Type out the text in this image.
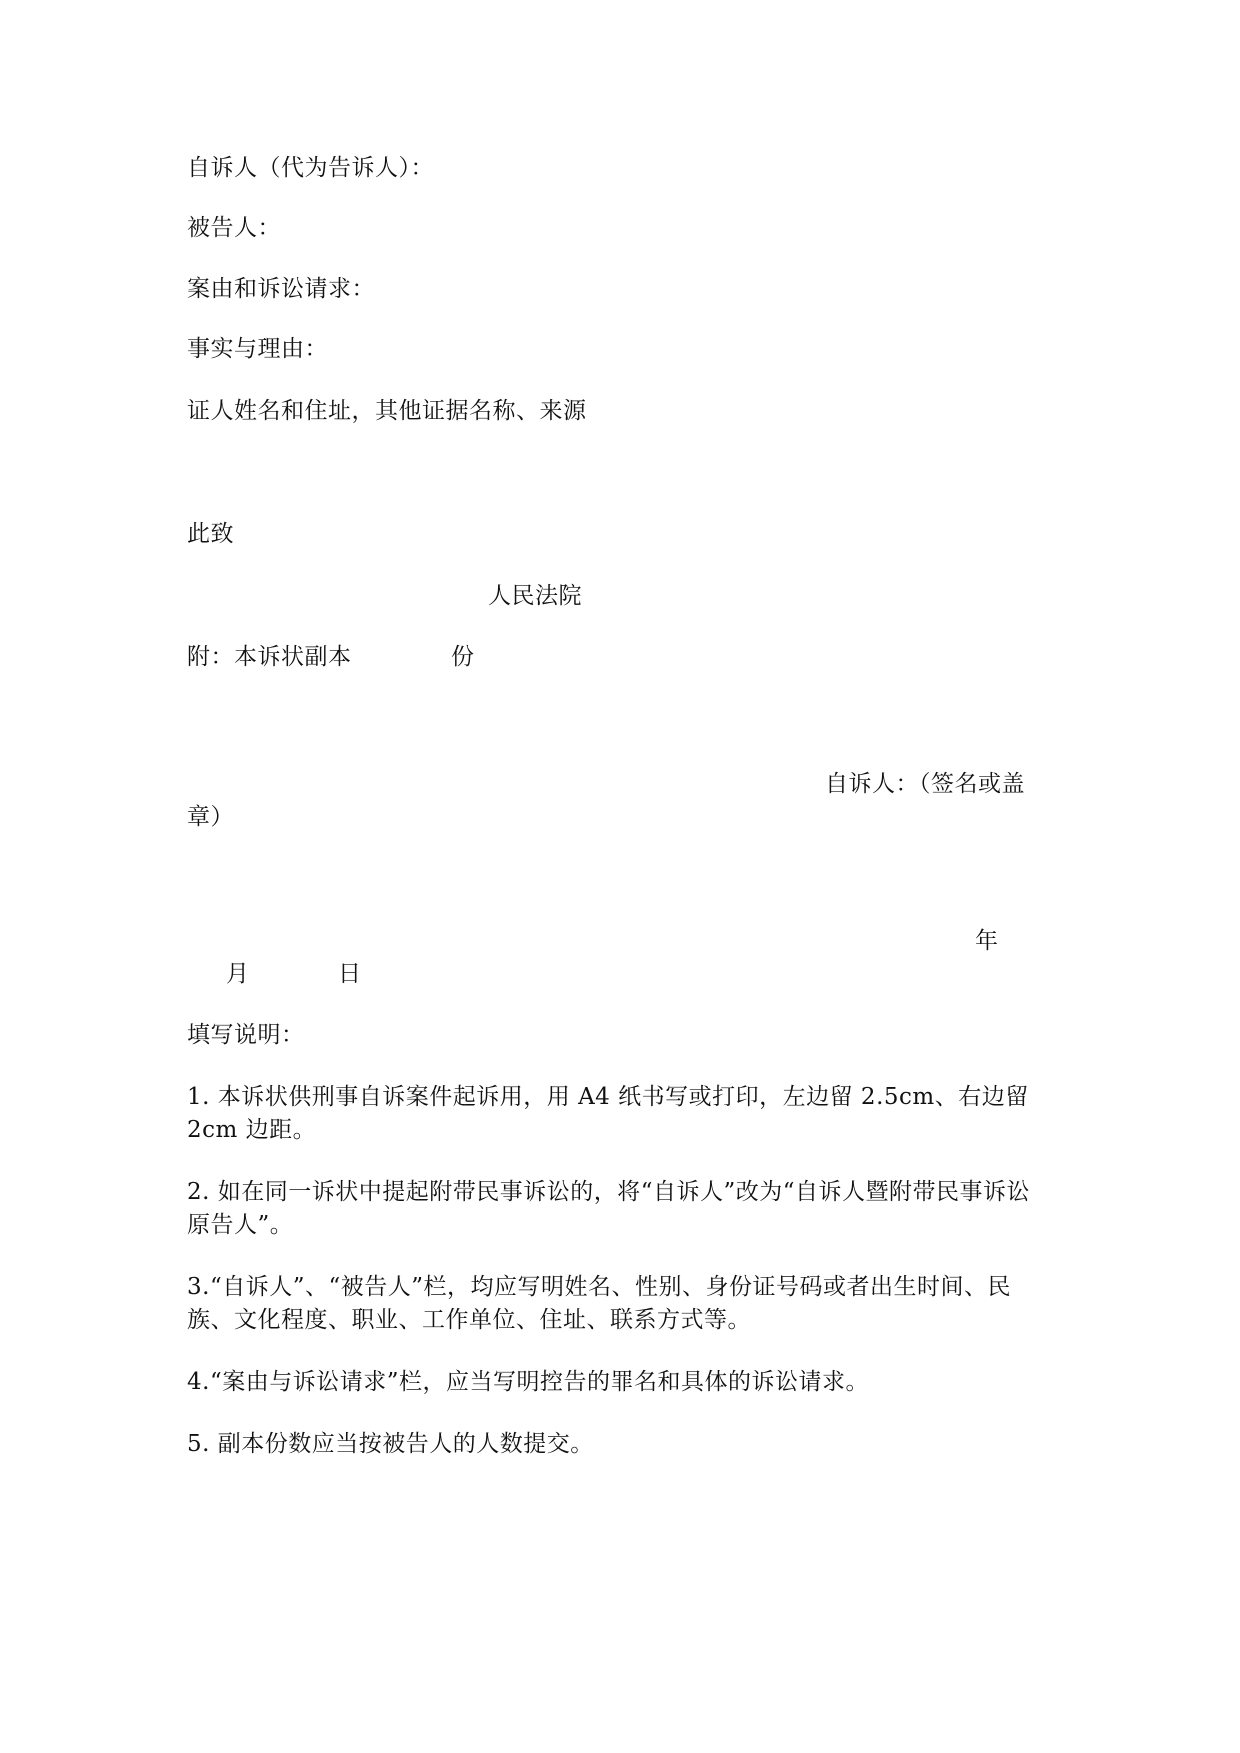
自诉人（代为告诉人）：
被告人：
案由和诉讼请求：
事实与理由：
证人姓名和住址，其他证据名称、来源
此致
人民法院
附：本诉状副本	份
自诉人：（签名或盖
章）
年
月	日
填写说明：
1. 本诉状供刑事自诉案件起诉用，用 A4 纸书写或打印，左边留 2.5cm、右边留 2cm 边距。
2. 如在同一诉状中提起附带民事诉讼的，将“自诉人”改为“自诉人暨附带民事诉讼原告人”。
3.“自诉人”、“被告人”栏，均应写明姓名、性别、身份证号码或者出生时间、民族、文化程度、职业、工作单位、住址、联系方式等。
4.“案由与诉讼请求”栏，应当写明控告的罪名和具体的诉讼请求。
5. 副本份数应当按被告人的人数提交。
